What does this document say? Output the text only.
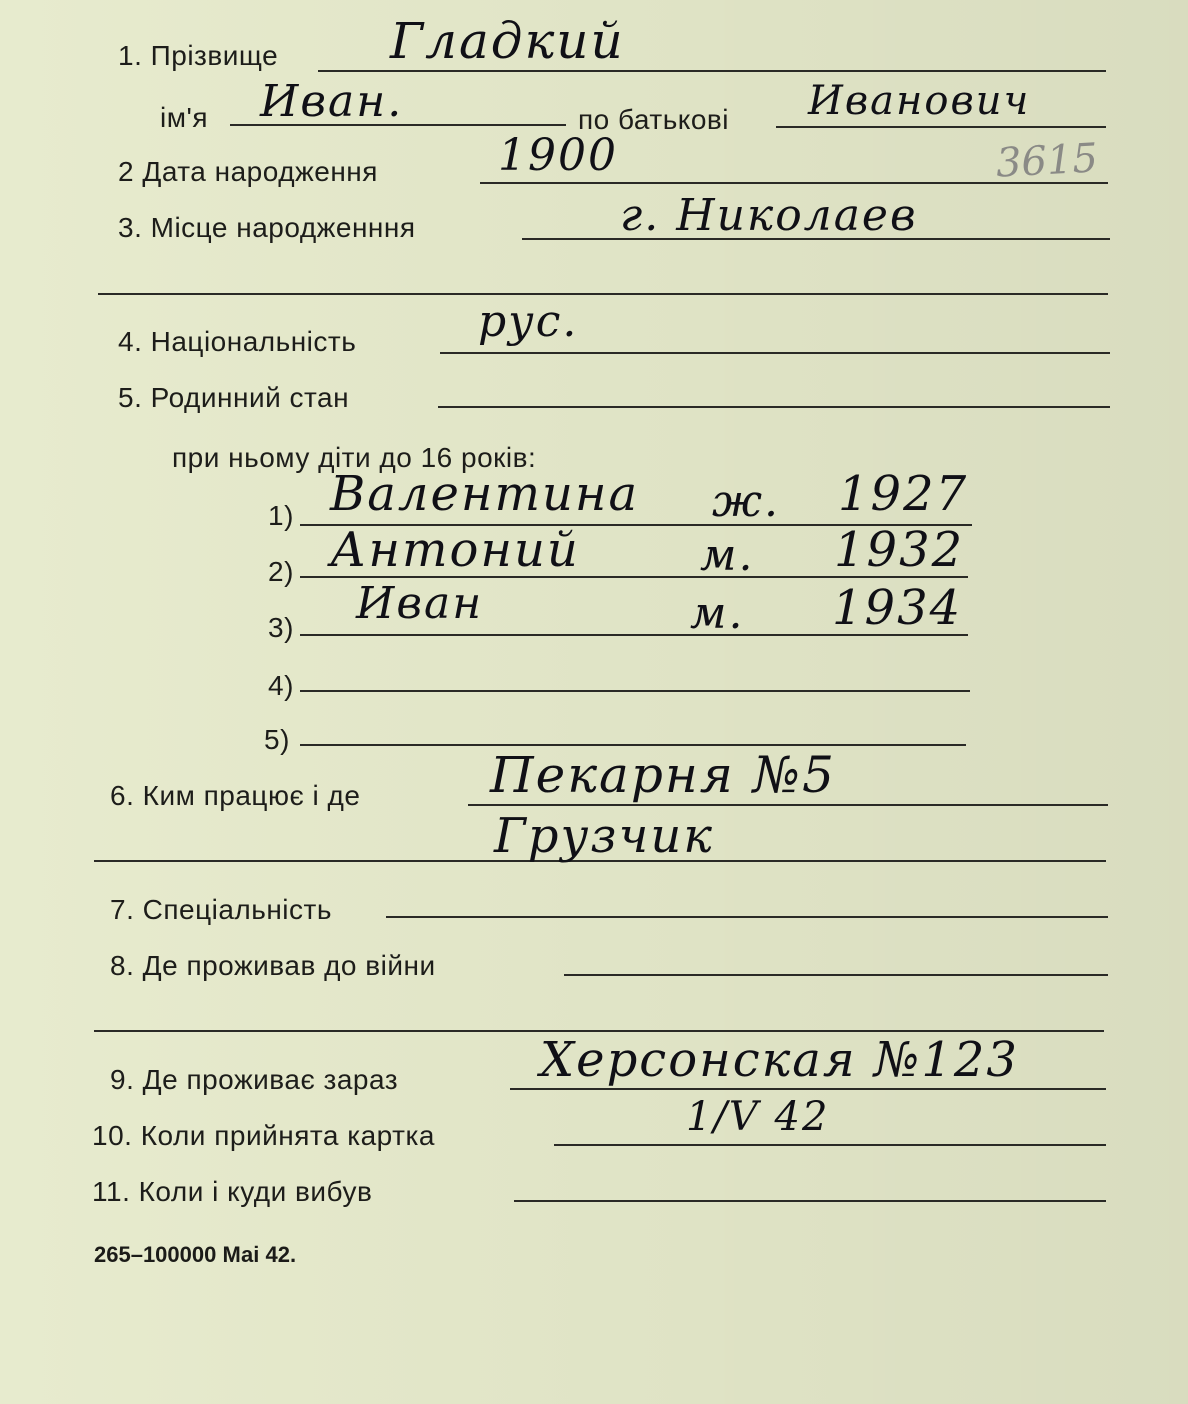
1. Прізвище Гладкий
ім'я Иван.	по батькові Иванович
2 Дата народження	1900	3615
3. Місце народженння	г. Николаев
4. Національність	рус.
5. Родинний стан
при ньому діти до 16 років:
1) Валентина ж. 1927
2) Антоний	м. 1932
3) Иван	м. 1934
4)
5)
6. Ким працює і де	Пекарня №5
Грузчик
7. Спеціальність
8. Де проживав до війни
9. Де проживає зараз	Херсонская №123
10. Коли прийнята картка	1/V 42
11. Коли і куди вибув
265–100000 Маі 42.
